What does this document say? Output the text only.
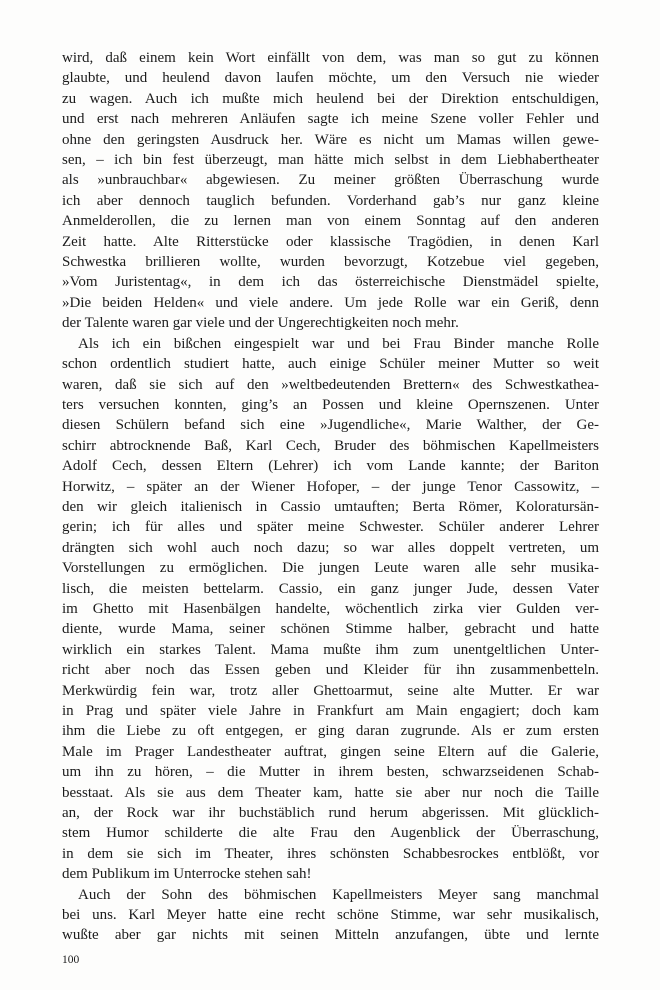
wird, daß einem kein Wort einfällt von dem, was man so gut zu können
glaubte, und heulend davon laufen möchte, um den Versuch nie wieder
zu wagen. Auch ich mußte mich heulend bei der Direktion entschuldigen,
und erst nach mehreren Anläufen sagte ich meine Szene voller Fehler und
ohne den geringsten Ausdruck her. Wäre es nicht um Mamas willen gewe-
sen, – ich bin fest überzeugt, man hätte mich selbst in dem Liebhabertheater
als »unbrauchbar« abgewiesen. Zu meiner größten Überraschung wurde
ich aber dennoch tauglich befunden. Vorderhand gab’s nur ganz kleine
Anmelderollen, die zu lernen man von einem Sonntag auf den anderen
Zeit hatte. Alte Ritterstücke oder klassische Tragödien, in denen Karl
Schwestka brillieren wollte, wurden bevorzugt, Kotzebue viel gegeben,
»Vom Juristentag«, in dem ich das österreichische Dienstmädel spielte,
»Die beiden Helden« und viele andere. Um jede Rolle war ein Geriß, denn
der Talente waren gar viele und der Ungerechtigkeiten noch mehr.
Als ich ein bißchen eingespielt war und bei Frau Binder manche Rolle
schon ordentlich studiert hatte, auch einige Schüler meiner Mutter so weit
waren, daß sie sich auf den »weltbedeutenden Brettern« des Schwestkathea-
ters versuchen konnten, ging’s an Possen und kleine Opernszenen. Unter
diesen Schülern befand sich eine »Jugendliche«, Marie Walther, der Ge-
schirr abtrocknende Baß, Karl Cech, Bruder des böhmischen Kapellmeisters
Adolf Cech, dessen Eltern (Lehrer) ich vom Lande kannte; der Bariton
Horwitz, – später an der Wiener Hofoper, – der junge Tenor Cassowitz, –
den wir gleich italienisch in Cassio umtauften; Berta Römer, Koloratursän-
gerin; ich für alles und später meine Schwester. Schüler anderer Lehrer
drängten sich wohl auch noch dazu; so war alles doppelt vertreten, um
Vorstellungen zu ermöglichen. Die jungen Leute waren alle sehr musika-
lisch, die meisten bettelarm. Cassio, ein ganz junger Jude, dessen Vater
im Ghetto mit Hasenbälgen handelte, wöchentlich zirka vier Gulden ver-
diente, wurde Mama, seiner schönen Stimme halber, gebracht und hatte
wirklich ein starkes Talent. Mama mußte ihm zum unentgeltlichen Unter-
richt aber noch das Essen geben und Kleider für ihn zusammenbetteln.
Merkwürdig fein war, trotz aller Ghettoarmut, seine alte Mutter. Er war
in Prag und später viele Jahre in Frankfurt am Main engagiert; doch kam
ihm die Liebe zu oft entgegen, er ging daran zugrunde. Als er zum ersten
Male im Prager Landestheater auftrat, gingen seine Eltern auf die Galerie,
um ihn zu hören, – die Mutter in ihrem besten, schwarzseidenen Schab-
besstaat. Als sie aus dem Theater kam, hatte sie aber nur noch die Taille
an, der Rock war ihr buchstäblich rund herum abgerissen. Mit glücklich-
stem Humor schilderte die alte Frau den Augenblick der Überraschung,
in dem sie sich im Theater, ihres schönsten Schabbesrockes entblößt, vor
dem Publikum im Unterrocke stehen sah!
Auch der Sohn des böhmischen Kapellmeisters Meyer sang manchmal
bei uns. Karl Meyer hatte eine recht schöne Stimme, war sehr musikalisch,
wußte aber gar nichts mit seinen Mitteln anzufangen, übte und lernte
100
